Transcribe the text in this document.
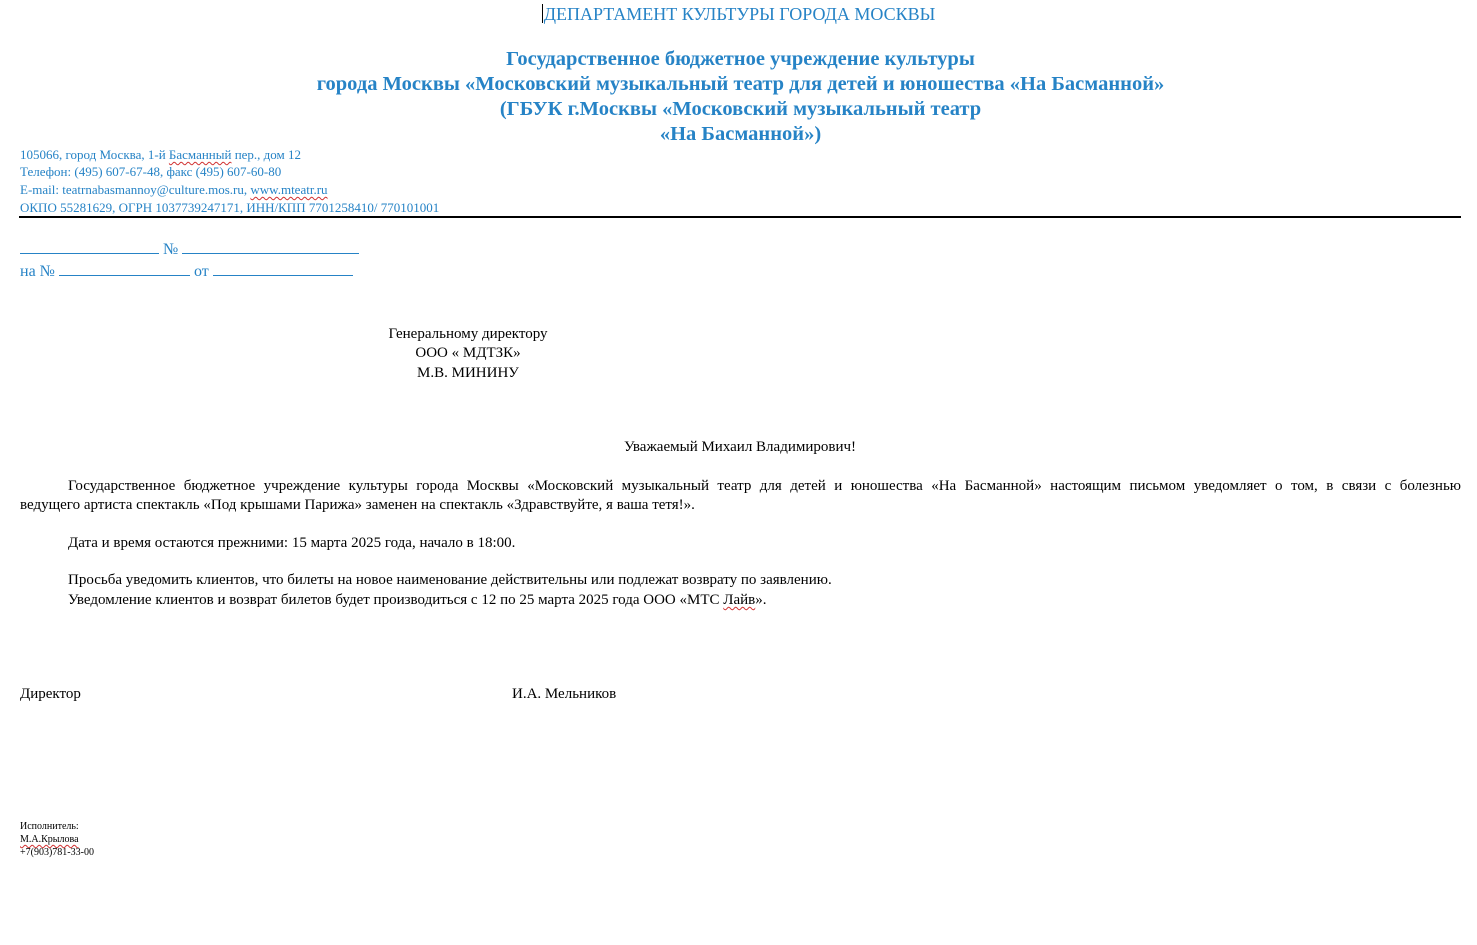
ДЕПАРТАМЕНТ КУЛЬТУРЫ ГОРОДА МОСКВЫ
Государственное бюджетное учреждение культуры
города Москвы «Московский музыкальный театр для детей и юношества «На Басманной»
(ГБУК г.Москвы «Московский музыкальный театр
«На Басманной»)
105066, город Москва, 1-й Басманный пер., дом 12
Телефон: (495) 607-67-48, факс (495) 607-60-80
E-mail: teatrnabasmannoy@culture.mos.ru, www.mteatr.ru
ОКПО 55281629, ОГРН 1037739247171, ИНН/КПП 7701258410/ 770101001
№
на №	от
Генеральному директору
ООО « МДТЗК»
М.В. МИНИНУ
Уважаемый Михаил Владимирович!
Государственное бюджетное учреждение культуры города Москвы «Московский музыкальный театр для детей и юношества «На Басманной» настоящим письмом уведомляет о том, в связи с болезнью
ведущего артиста спектакль «Под крышами Парижа» заменен на спектакль «Здравствуйте, я ваша тетя!».
Дата и время остаются прежними: 15 марта 2025 года, начало в 18:00.
Просьба уведомить клиентов, что билеты на новое наименование действительны или подлежат возврату по заявлению.
Уведомление клиентов и возврат билетов будет производиться с 12 по 25 марта 2025 года ООО «МТС Лайв».
Директор	И.А. Мельников
Исполнитель:
М.А.Крылова
+7(903)781-33-00
